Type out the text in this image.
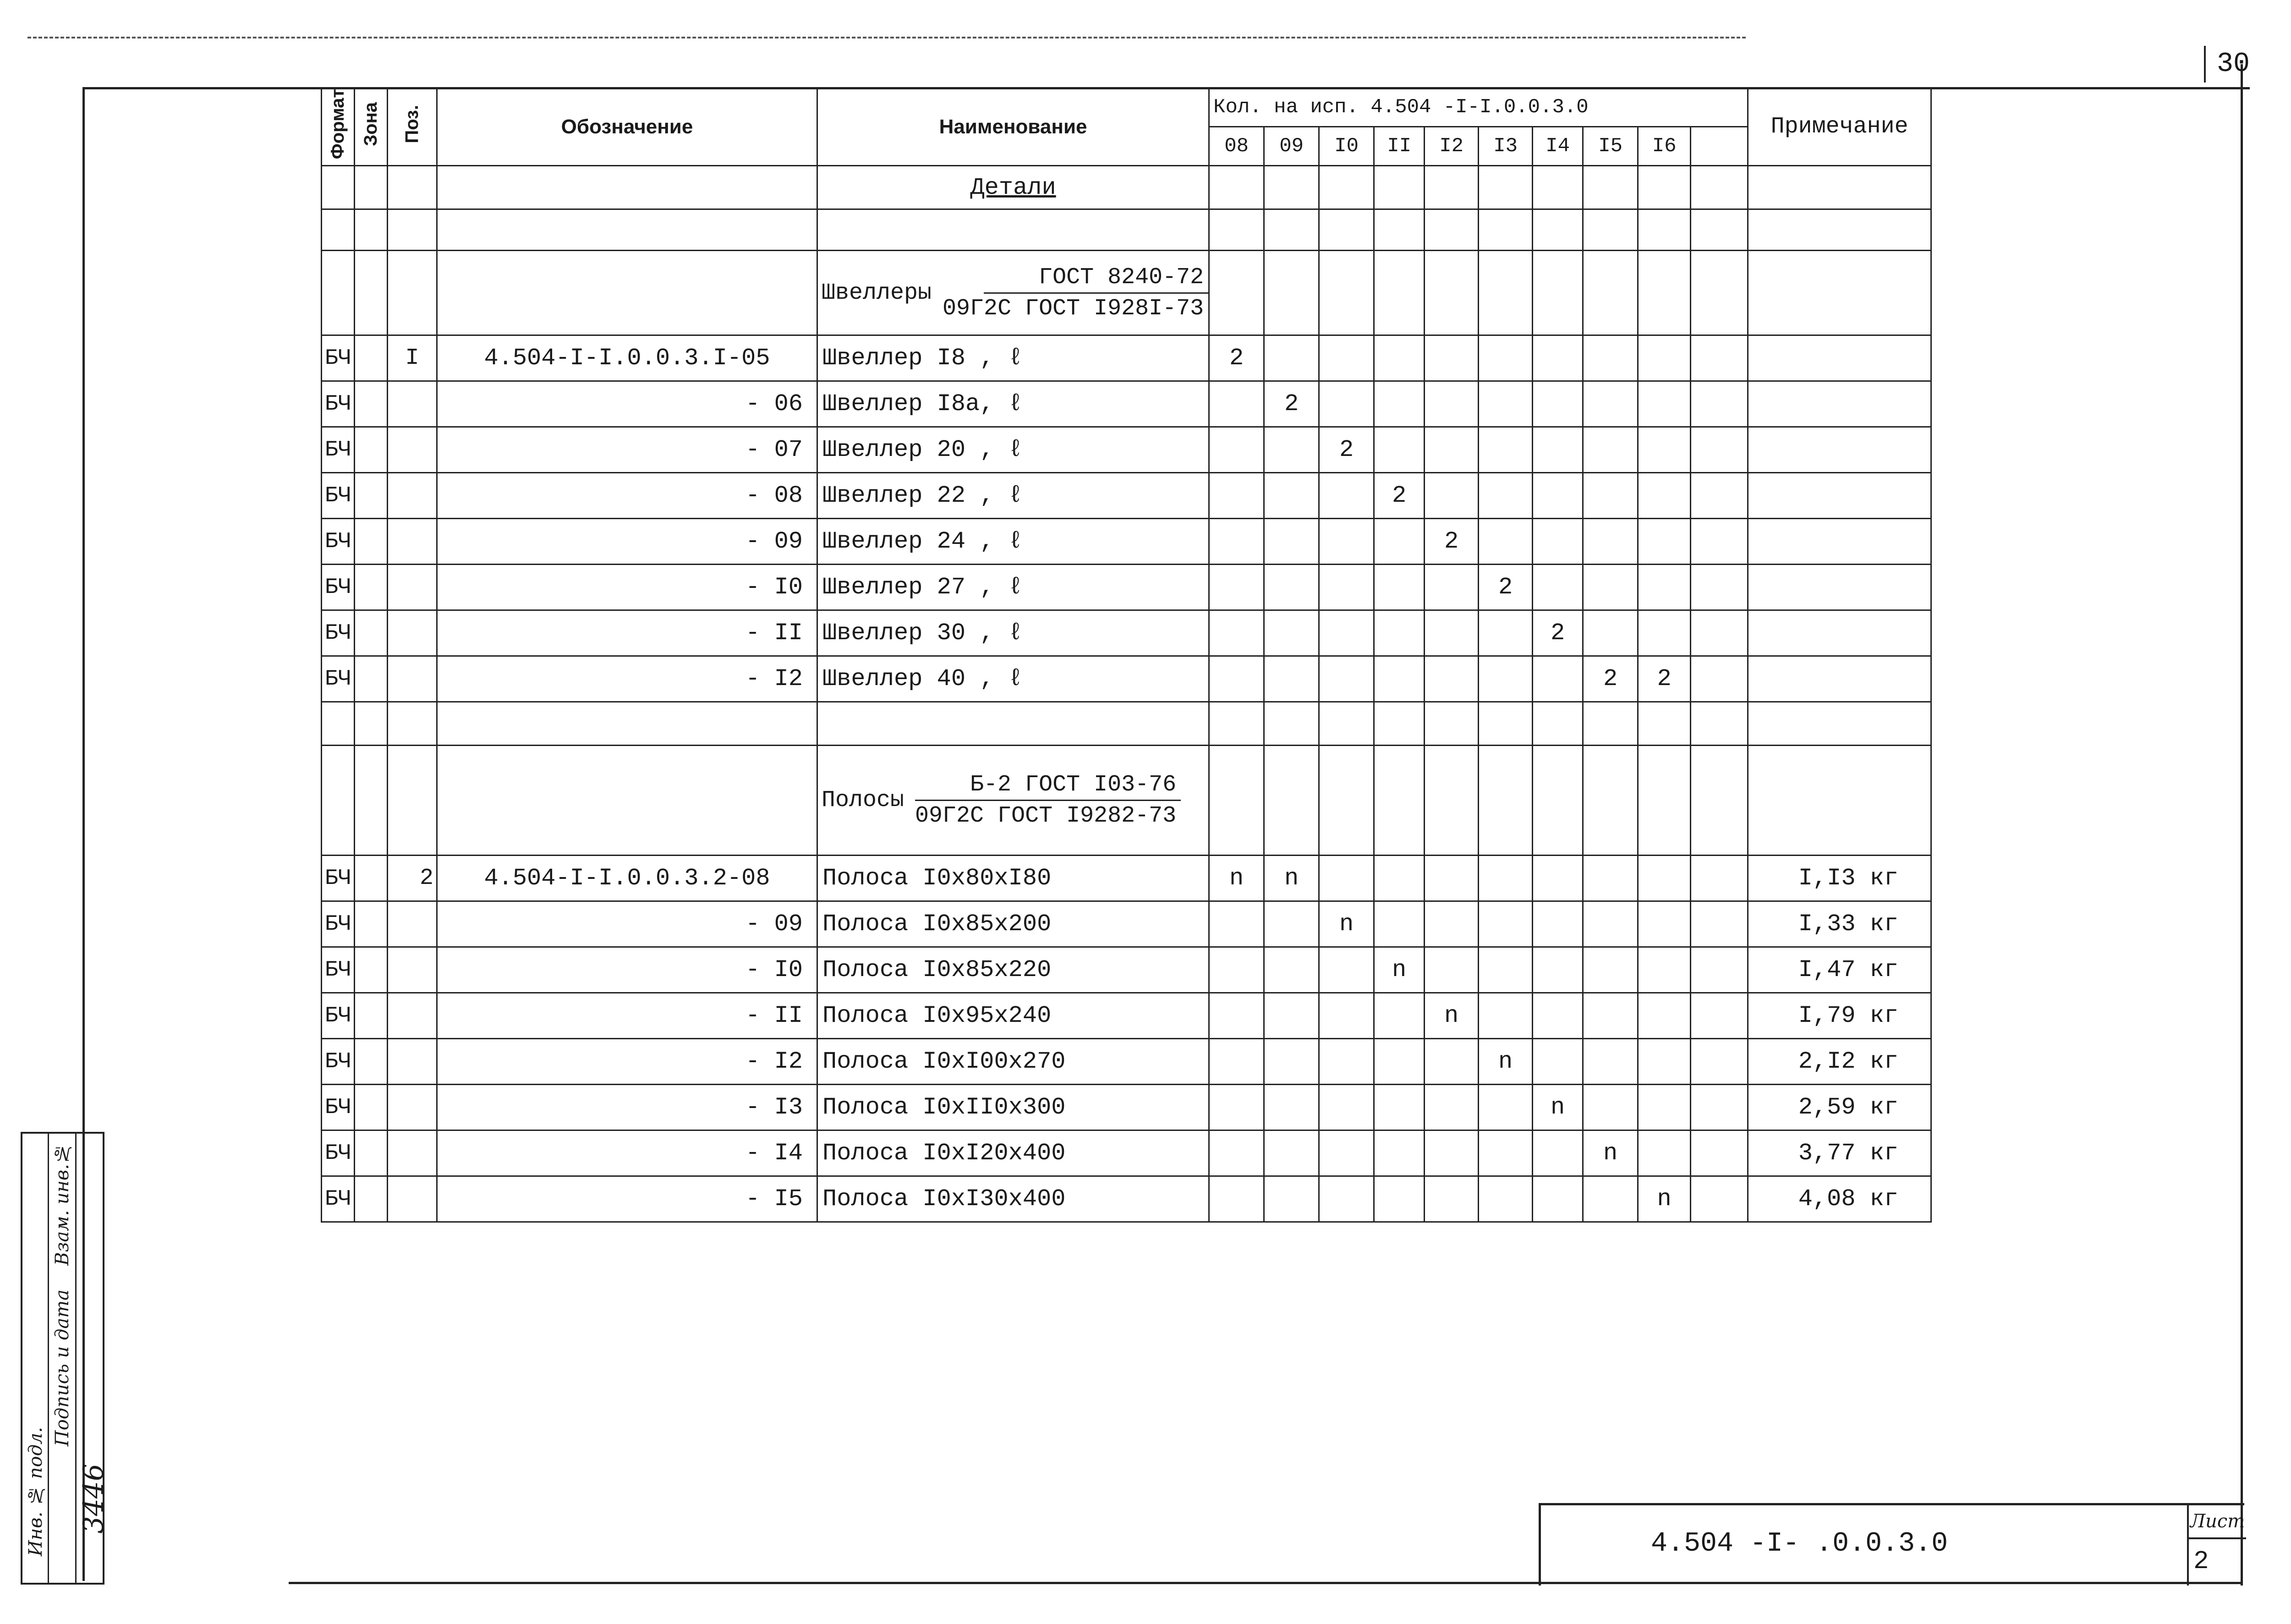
30
Формат	Зона	Поз.	Обозначение	Наименование	Кол. на исп. 4.504 -I-I.0.0.3.0										Примечание
					08	09	I0	II	I2	I3	I4	I5	I6		
				Детали											

				Швеллеры $\frac{\text{ГОСТ 8240-72}}{\text{09Г2С ГОСТ I928I-73}}$

БЧ		I	4.504-I-I.0.0.3.I-05	Швеллер I8 , ℓ	2										
БЧ			- 06	Швеллер I8а, ℓ		2									
БЧ			- 07	Швеллер 20 , ℓ			2								
БЧ			- 08	Швеллер 22 , ℓ				2							
БЧ			- 09	Швеллер 24 , ℓ					2						
БЧ			- I0	Швеллер 27 , ℓ						2					
БЧ			- II	Швеллер 30 , ℓ							2				
БЧ			- I2	Швеллер 40 , ℓ								2	2		

				Полосы $\frac{\text{Б-2 ГОСТ I03-76}}{\text{09Г2С ГОСТ I9282-73}}$

БЧ		2	4.504-I-I.0.0.3.2-08	Полоса I0x80xI80	n	n									I,I3 кг
БЧ			- 09	Полоса I0x85x200			n								I,33 кг
БЧ			- I0	Полоса I0x85x220				n							I,47 кг
БЧ			- II	Полоса I0x95x240					n						I,79 кг
БЧ			- I2	Полоса I0xI00x270						n					2,I2 кг
БЧ			- I3	Полоса I0xII0x300							n				2,59 кг
БЧ			- I4	Полоса I0xI20x400								n			3,77 кг
БЧ			- I5	Полоса I0xI30x400									n		4,08 кг
Инв. № подл.
Подпись и дата
Взам. инв.№
3446
4.504 -I- .0.0.3.0
Лист
2
